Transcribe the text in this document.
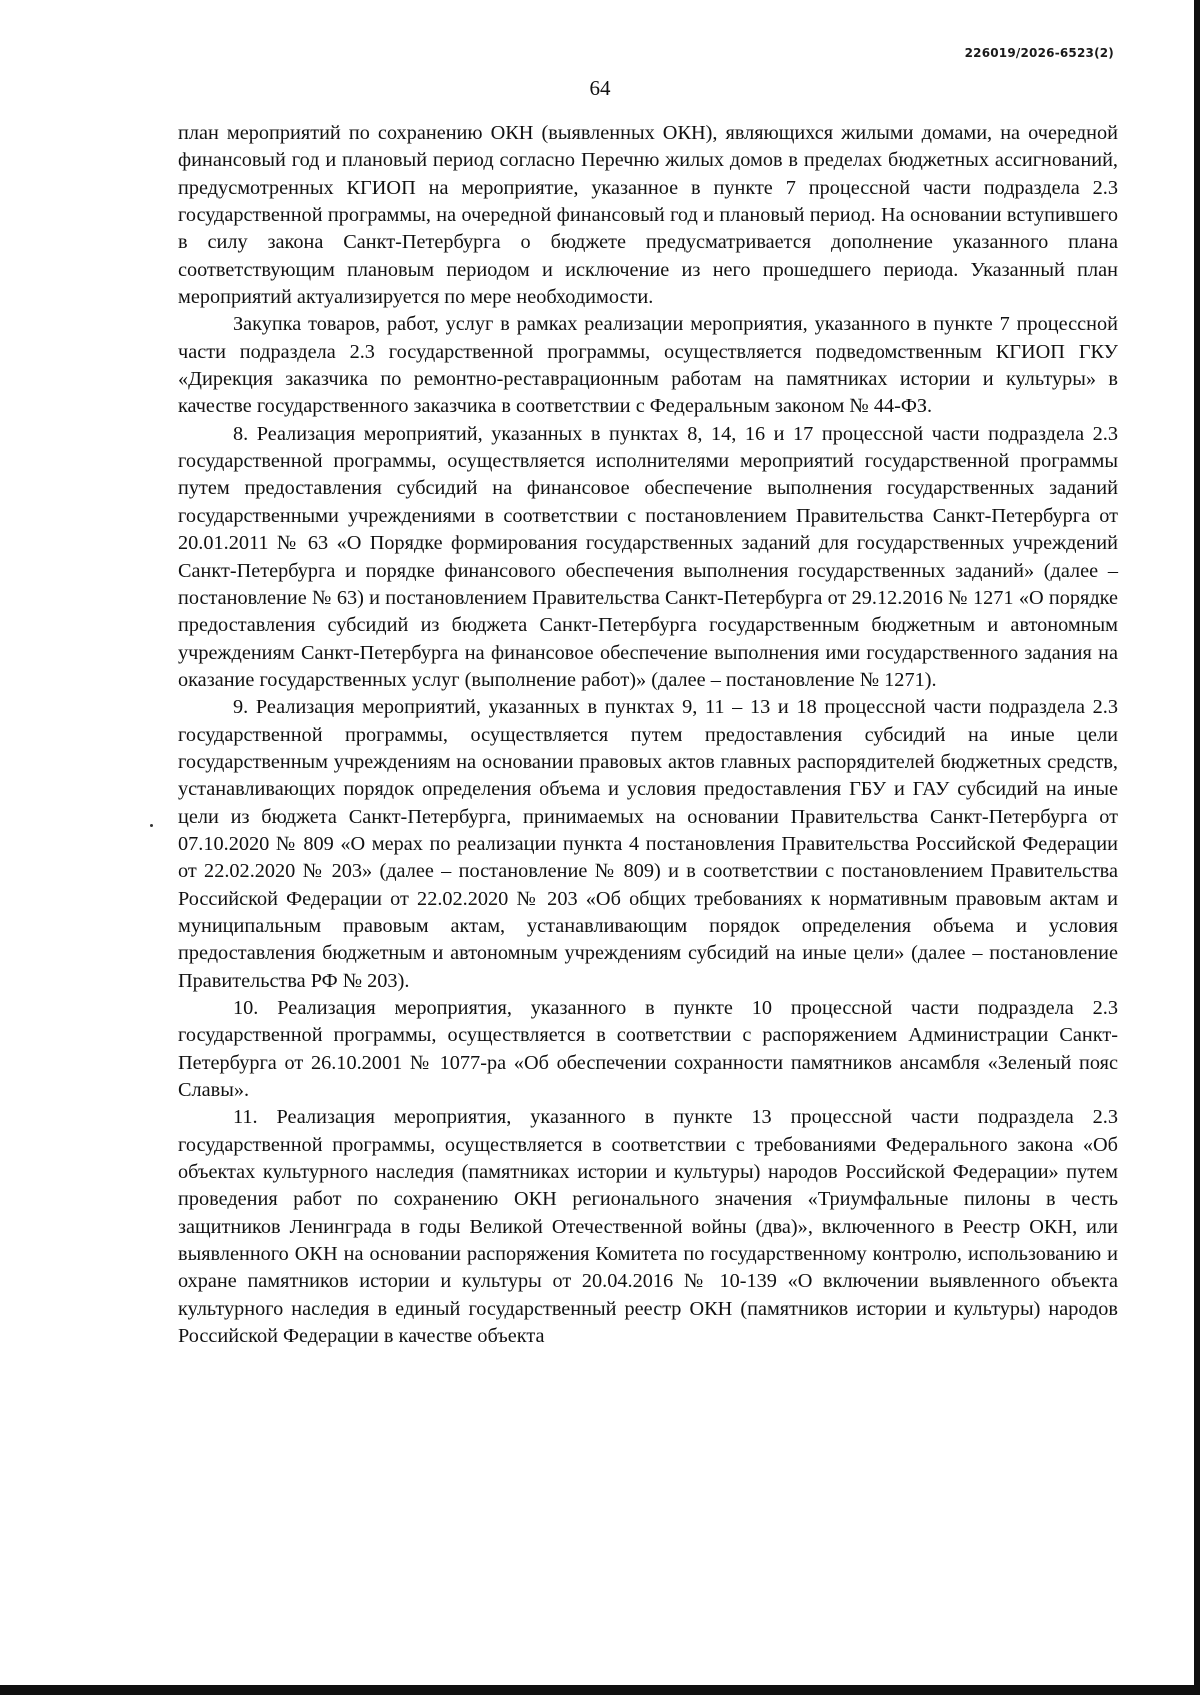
226019/2026-6523(2)
64

план мероприятий по сохранению ОКН (выявленных ОКН), являющихся жилыми домами, на очередной финансовый год и плановый период согласно Перечню жилых домов в пределах бюджетных ассигнований, предусмотренных КГИОП на мероприятие, указанное в пункте 7 процессной части подраздела 2.3 государственной программы, на очередной финансовый год и плановый период. На основании вступившего в силу закона Санкт-Петербурга о бюджете предусматривается дополнение указанного плана соответствующим плановым периодом и исключение из него прошедшего периода. Указанный план мероприятий актуализируется по мере необходимости.

Закупка товаров, работ, услуг в рамках реализации мероприятия, указанного в пункте 7 процессной части подраздела 2.3 государственной программы, осуществляется подведомственным КГИОП ГКУ «Дирекция заказчика по ремонтно-реставрационным работам на памятниках истории и культуры» в качестве государственного заказчика в соответствии с Федеральным законом № 44-ФЗ.

8. Реализация мероприятий, указанных в пунктах 8, 14, 16 и 17 процессной части подраздела 2.3 государственной программы, осуществляется исполнителями мероприятий государственной программы путем предоставления субсидий на финансовое обеспечение выполнения государственных заданий государственными учреждениями в соответствии с постановлением Правительства Санкт-Петербурга от 20.01.2011 № 63 «О Порядке формирования государственных заданий для государственных учреждений Санкт-Петербурга и порядке финансового обеспечения выполнения государственных заданий» (далее – постановление № 63) и постановлением Правительства Санкт-Петербурга от 29.12.2016 № 1271 «О порядке предоставления субсидий из бюджета Санкт-Петербурга государственным бюджетным и автономным учреждениям Санкт-Петербурга на финансовое обеспечение выполнения ими государственного задания на оказание государственных услуг (выполнение работ)» (далее – постановление № 1271).

9. Реализация мероприятий, указанных в пунктах 9, 11 – 13 и 18 процессной части подраздела 2.3 государственной программы, осуществляется путем предоставления субсидий на иные цели государственным учреждениям на основании правовых актов главных распорядителей бюджетных средств, устанавливающих порядок определения объема и условия предоставления ГБУ и ГАУ субсидий на иные цели из бюджета Санкт-Петербурга, принимаемых на основании Правительства Санкт-Петербурга от 07.10.2020 № 809 «О мерах по реализации пункта 4 постановления Правительства Российской Федерации от 22.02.2020 № 203» (далее – постановление № 809) и в соответствии с постановлением Правительства Российской Федерации от 22.02.2020 № 203 «Об общих требованиях к нормативным правовым актам и муниципальным правовым актам, устанавливающим порядок определения объема и условия предоставления бюджетным и автономным учреждениям субсидий на иные цели» (далее – постановление Правительства РФ № 203).

10. Реализация мероприятия, указанного в пункте 10 процессной части подраздела 2.3 государственной программы, осуществляется в соответствии с распоряжением Администрации Санкт-Петербурга от 26.10.2001 № 1077-ра «Об обеспечении сохранности памятников ансамбля «Зеленый пояс Славы».

11. Реализация мероприятия, указанного в пункте 13 процессной части подраздела 2.3 государственной программы, осуществляется в соответствии с требованиями Федерального закона «Об объектах культурного наследия (памятниках истории и культуры) народов Российской Федерации» путем проведения работ по сохранению ОКН регионального значения «Триумфальные пилоны в честь защитников Ленинграда в годы Великой Отечественной войны (два)», включенного в Реестр ОКН, или выявленного ОКН на основании распоряжения Комитета по государственному контролю, использованию и охране памятников истории и культуры от 20.04.2016 № 10-139 «О включении выявленного объекта культурного наследия в единый государственный реестр ОКН (памятников истории и культуры) народов Российской Федерации в качестве объекта
